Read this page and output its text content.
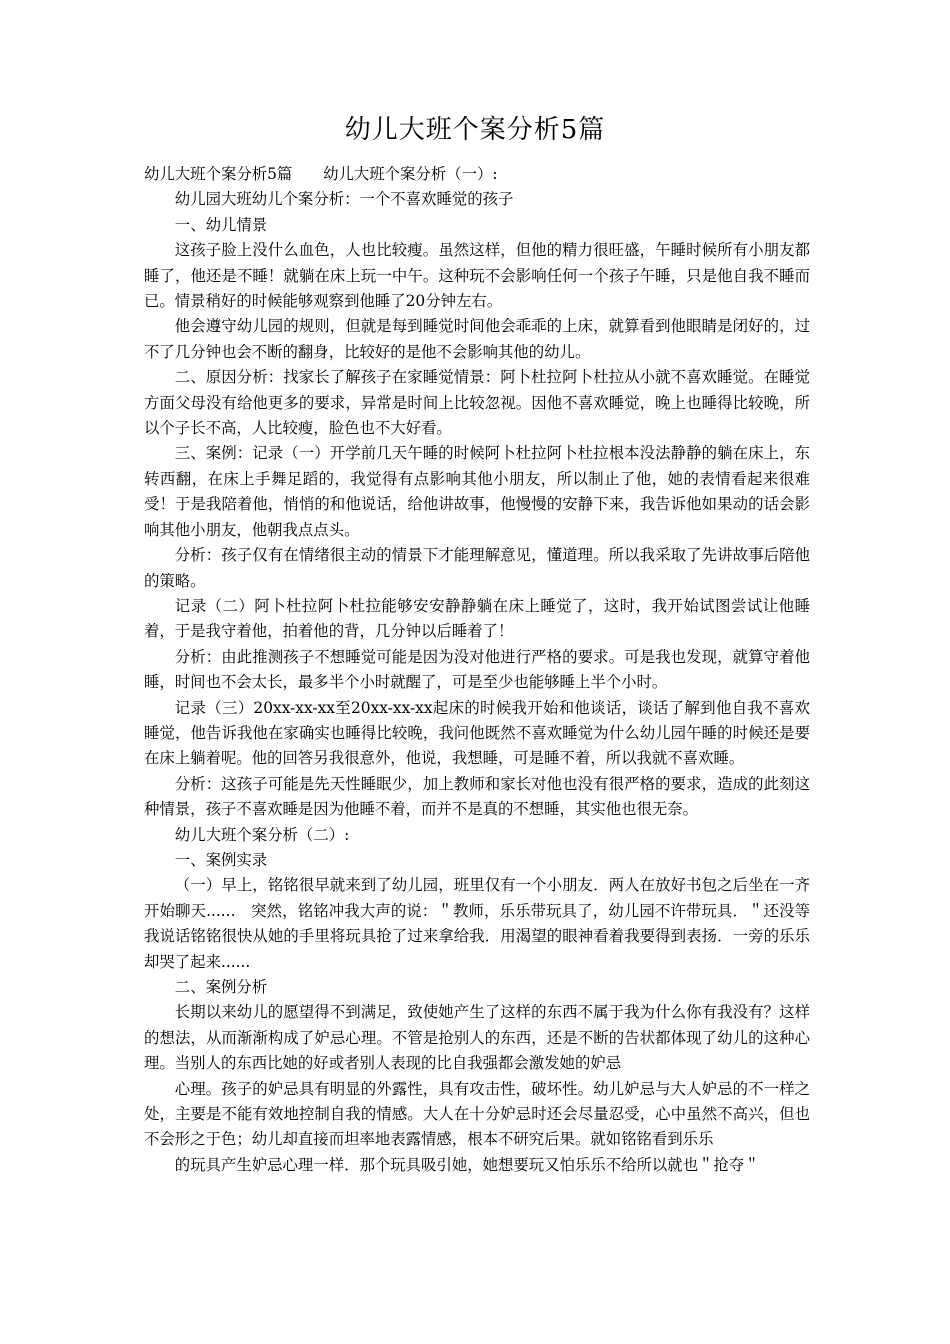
幼儿大班个案分析5篇

幼儿大班个案分析5篇　　幼儿大班个案分析（一）:

幼儿园大班幼儿个案分析：一个不喜欢睡觉的孩子

一、幼儿情景

这孩子脸上没什么血色，人也比较瘦。虽然这样，但他的精力很旺盛，午睡时候所有小朋友都睡了，他还是不睡！就躺在床上玩一中午。这种玩不会影响任何一个孩子午睡，只是他自我不睡而已。情景稍好的时候能够观察到他睡了20分钟左右。

他会遵守幼儿园的规则，但就是每到睡觉时间他会乖乖的上床，就算看到他眼睛是闭好的，过不了几分钟也会不断的翻身，比较好的是他不会影响其他的幼儿。

二、原因分析：找家长了解孩子在家睡觉情景：阿卜杜拉阿卜杜拉从小就不喜欢睡觉。在睡觉方面父母没有给他更多的要求，异常是时间上比较忽视。因他不喜欢睡觉，晚上也睡得比较晚，所以个子长不高，人比较瘦，脸色也不大好看。

三、案例：记录（一）开学前几天午睡的时候阿卜杜拉阿卜杜拉根本没法静静的躺在床上，东转西翻，在床上手舞足蹈的，我觉得有点影响其他小朋友，所以制止了他，她的表情看起来很难受！于是我陪着他，悄悄的和他说话，给他讲故事，他慢慢的安静下来，我告诉他如果动的话会影响其他小朋友，他朝我点点头。

分析：孩子仅有在情绪很主动的情景下才能理解意见，懂道理。所以我采取了先讲故事后陪他的策略。

记录（二）阿卜杜拉阿卜杜拉能够安安静静躺在床上睡觉了，这时，我开始试图尝试让他睡着，于是我守着他，拍着他的背，几分钟以后睡着了！

分析：由此推测孩子不想睡觉可能是因为没对他进行严格的要求。可是我也发现，就算守着他睡，时间也不会太长，最多半个小时就醒了，可是至少也能够睡上半个小时。

记录（三）20xx-xx-xx至20xx-xx-xx起床的时候我开始和他谈话，谈话了解到他自我不喜欢睡觉，他告诉我他在家确实也睡得比较晚，我问他既然不喜欢睡觉为什么幼儿园午睡的时候还是要在床上躺着呢。他的回答另我很意外，他说，我想睡，可是睡不着，所以我就不喜欢睡。

分析：这孩子可能是先天性睡眠少，加上教师和家长对他也没有很严格的要求，造成的此刻这种情景，孩子不喜欢睡是因为他睡不着，而并不是真的不想睡，其实他也很无奈。

幼儿大班个案分析（二）:

一、案例实录

（一）早上，铭铭很早就来到了幼儿园，班里仅有一个小朋友．两人在放好书包之后坐在一齐开始聊天......　突然，铭铭冲我大声的说：＂教师，乐乐带玩具了，幼儿园不许带玩具．＂还没等我说话铭铭很快从她的手里将玩具抢了过来拿给我．用渴望的眼神看着我要得到表扬．一旁的乐乐却哭了起来......

二、案例分析

长期以来幼儿的愿望得不到满足，致使她产生了这样的东西不属于我为什么你有我没有？这样的想法，从而渐渐构成了妒忌心理。不管是抢别人的东西，还是不断的告状都体现了幼儿的这种心理。当别人的东西比她的好或者别人表现的比自我强都会激发她的妒忌

心理。孩子的妒忌具有明显的外露性，具有攻击性，破坏性。幼儿妒忌与大人妒忌的不一样之处，主要是不能有效地控制自我的情感。大人在十分妒忌时还会尽量忍受，心中虽然不高兴，但也不会形之于色；幼儿却直接而坦率地表露情感，根本不研究后果。就如铭铭看到乐乐

的玩具产生妒忌心理一样．那个玩具吸引她，她想要玩又怕乐乐不给所以就也＂抢夺＂
